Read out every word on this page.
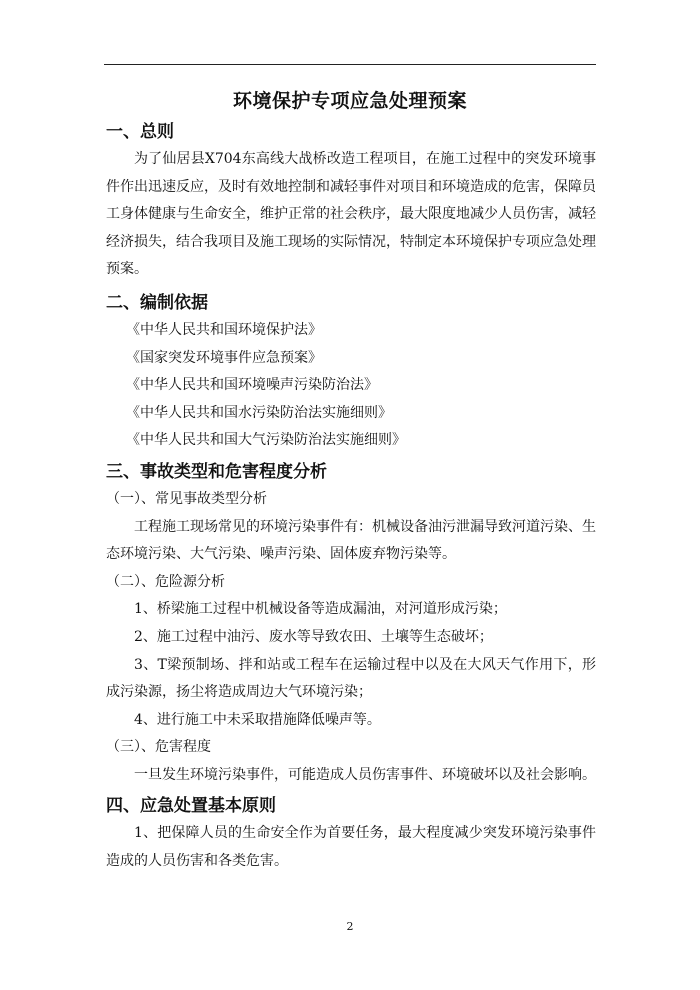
环境保护专项应急处理预案
一、总则

为了仙居县X704东高线大战桥改造工程项目，在施工过程中的突发环境事件作出迅速反应，及时有效地控制和减轻事件对项目和环境造成的危害，保障员工身体健康与生命安全，维护正常的社会秩序，最大限度地减少人员伤害，减轻经济损失，结合我项目及施工现场的实际情况，特制定本环境保护专项应急处理预案。

二、编制依据

《中华人民共和国环境保护法》

《国家突发环境事件应急预案》

《中华人民共和国环境噪声污染防治法》

《中华人民共和国水污染防治法实施细则》

《中华人民共和国大气污染防治法实施细则》

三、事故类型和危害程度分析

（一）、常见事故类型分析

工程施工现场常见的环境污染事件有：机械设备油污泄漏导致河道污染、生态环境污染、大气污染、噪声污染、固体废弃物污染等。

（二）、危险源分析

1、桥梁施工过程中机械设备等造成漏油，对河道形成污染；

2、施工过程中油污、废水等导致农田、土壤等生态破坏；

3、T梁预制场、拌和站或工程车在运输过程中以及在大风天气作用下，形成污染源，扬尘将造成周边大气环境污染；

4、进行施工中未采取措施降低噪声等。

（三）、危害程度

一旦发生环境污染事件，可能造成人员伤害事件、环境破坏以及社会影响。

四、应急处置基本原则

1、把保障人员的生命安全作为首要任务，最大程度减少突发环境污染事件造成的人员伤害和各类危害。

2
